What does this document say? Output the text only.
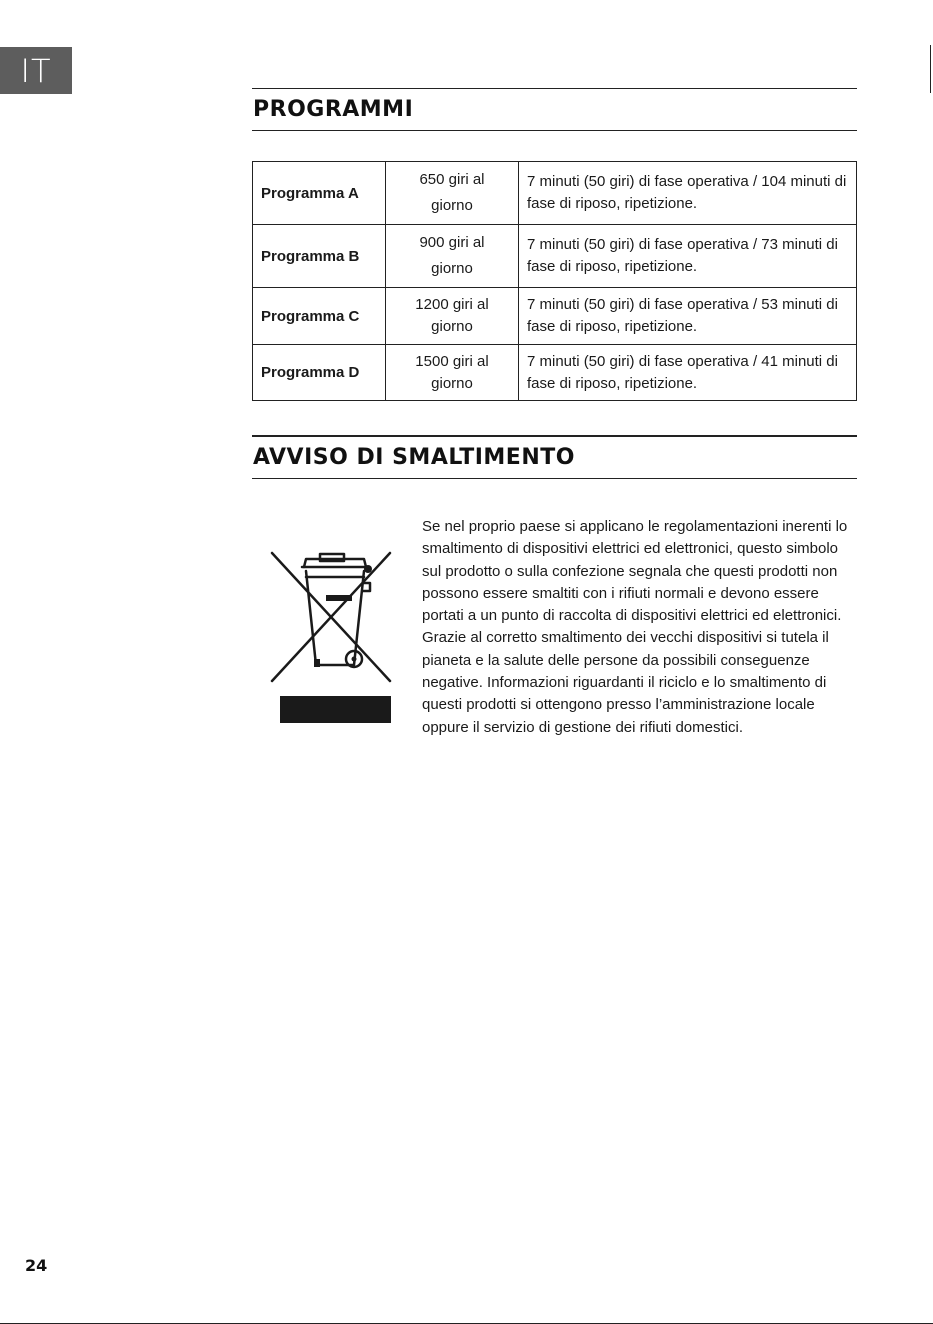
IT
PROGRAMMI
Programma A	650 giri al giorno	7 minuti (50 giri) di fase operativa / 104 minuti di fase di riposo, ripetizione.
Programma B	900 giri al giorno	7 minuti (50 giri) di fase operativa / 73 minuti di fase di riposo, ripetizione.
Programma C	1200 giri al giorno	7 minuti (50 giri) di fase operativa / 53 minuti di fase di riposo, ripetizione.
Programma D	1500 giri al giorno	7 minuti (50 giri) di fase operativa / 41 minuti di fase di riposo, ripetizione.
AVVISO DI SMALTIMENTO
Se nel proprio paese si applicano le regolamentazioni inerenti lo smaltimento di dispositivi elettrici ed elettronici, questo simbolo sul prodotto o sulla confezione segnala che questi prodotti non possono essere smaltiti con i rifiuti normali e devono essere portati a un punto di raccolta di dispositivi elettrici ed elettronici. Grazie al corretto smaltimento dei vecchi dispositivi si tutela il pianeta e la salute delle persone da possibili conseguenze negative. Informazioni riguardanti il riciclo e lo smaltimento di questi prodotti si ottengono presso l’amministrazione locale oppure il servizio di gestione dei rifiuti domestici.
24
